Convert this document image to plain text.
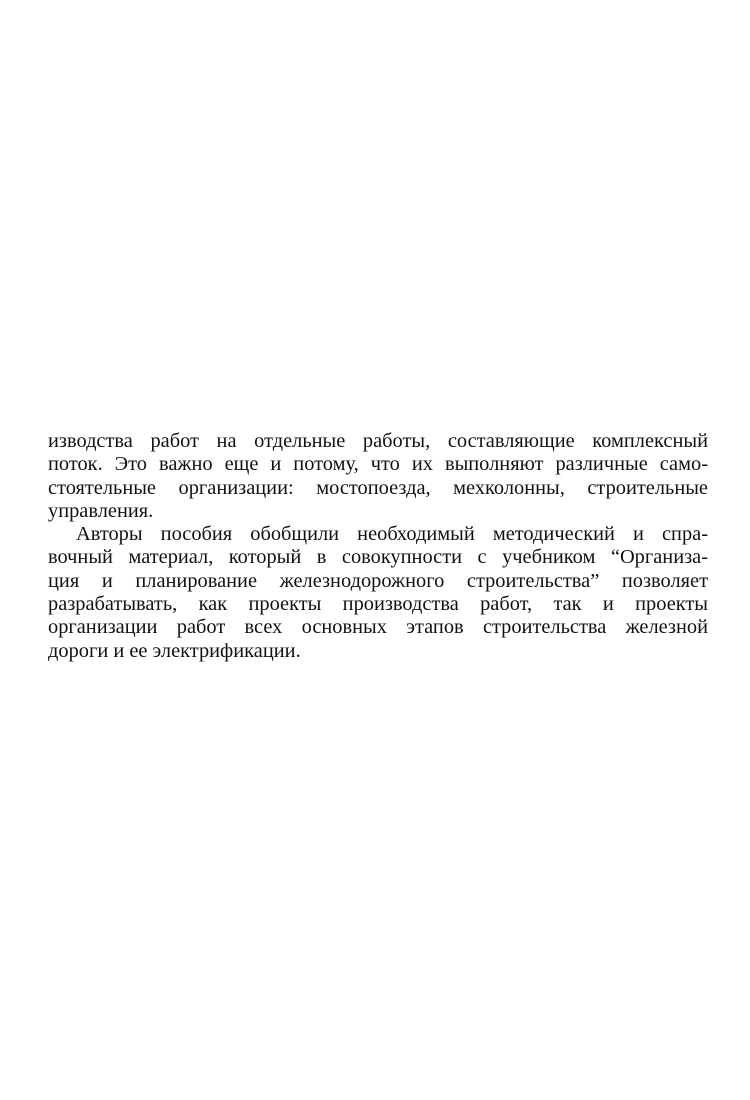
изводства работ на отдельные работы, составляющие комплексный
поток. Это важно еще и потому, что их выполняют различные само-
стоятельные организации: мостопоезда, мехколонны, строительные
управления.
Авторы пособия обобщили необходимый методический и спра-
вочный материал, который в совокупности с учебником “Организа-
ция и планирование железнодорожного строительства” позволяет
разрабатывать, как проекты производства работ, так и проекты
организации работ всех основных этапов строительства железной
дороги и ее электрификации.
